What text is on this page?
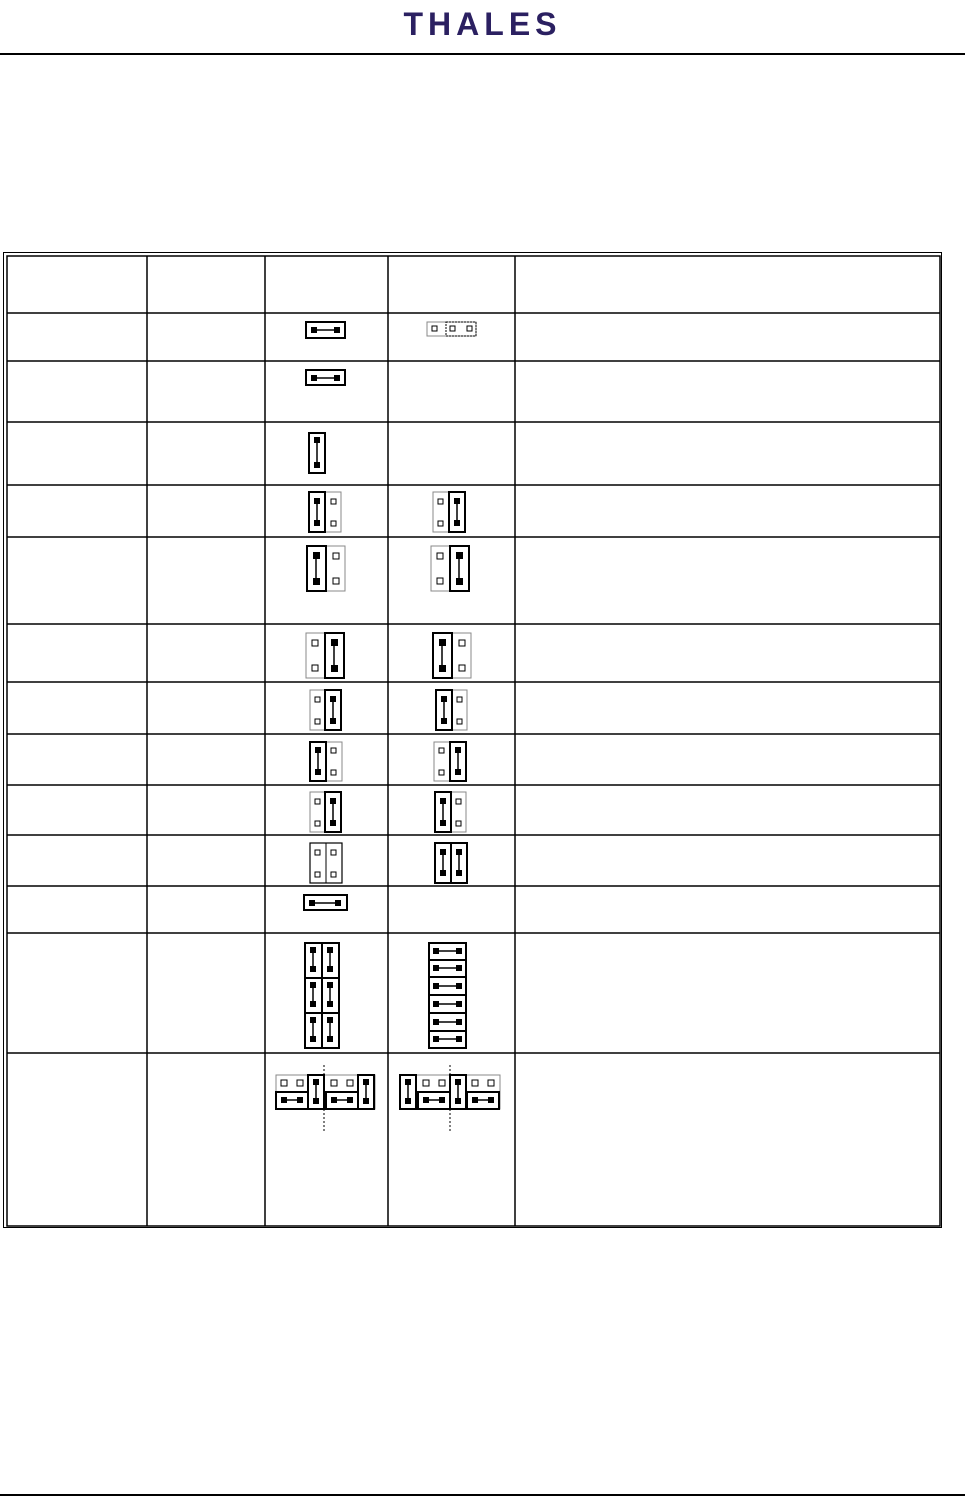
THALES
